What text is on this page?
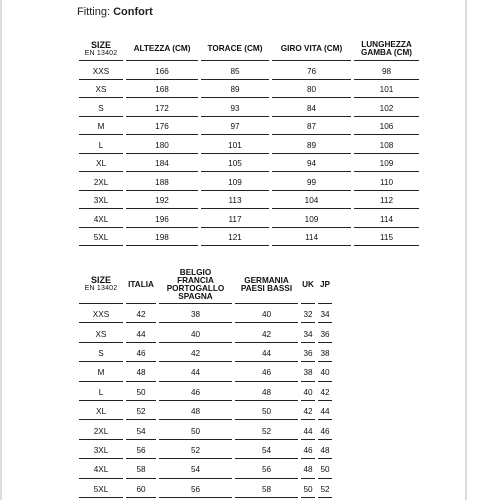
Fitting: Confort
SIZE
EN 13402	ALTEZZA (CM)	TORACE (CM)	GIRO VITA (CM)	LUNGHEZZA
GAMBA (CM)
XXS	166	85	76	98
XS	168	89	80	101
S	172	93	84	102
M	176	97	87	106
L	180	101	89	108
XL	184	105	94	109
2XL	188	109	99	110
3XL	192	113	104	112
4XL	196	117	109	114
5XL	198	121	114	115
SIZE
EN 13402	ITALIA	BELGIO
FRANCIA
PORTOGALLO
SPAGNA	GERMANIA
PAESI BASSI	UK	JP
XXS	42	38	40	32	34
XS	44	40	42	34	36
S	46	42	44	36	38
M	48	44	46	38	40
L	50	46	48	40	42
XL	52	48	50	42	44
2XL	54	50	52	44	46
3XL	56	52	54	46	48
4XL	58	54	56	48	50
5XL	60	56	58	50	52
